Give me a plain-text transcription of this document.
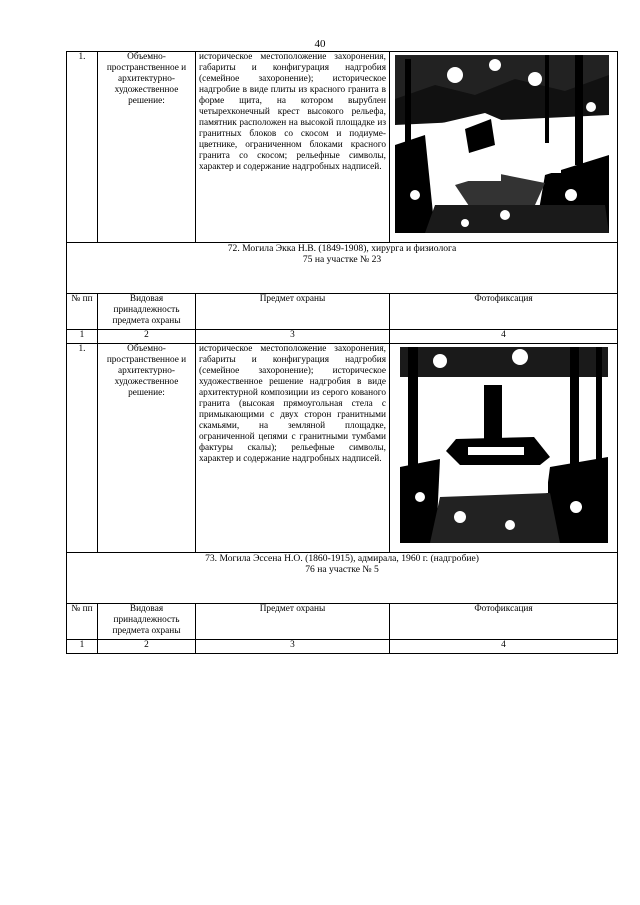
40
1.	Объемно-пространственное и архитектурно-художественное решение:	историческое местоположение захоронения, габариты и конфигурация надгробия (семейное захоронение); историческое надгробие в виде плиты из красного гранита в форме щита, на котором вырублен четырехконечный крест высокого рельефа, памятник расположен на высокой площадке из гранитных блоков со скосом и подиуме-цветнике, ограниченном блоками красного гранита со скосом; рельефные символы, характер и содержание надгробных надписей.	

72. Могила Экка Н.В. (1849-1908), хирурга и физиолога
75 на участке № 23			

№ пп	Видовая принадлежность предмета охраны	Предмет охраны	Фотофиксация
1	2	3	4
1.	Объемно-пространственное и архитектурно-художественное решение:	историческое местоположение захоронения, габариты и конфигурация надгробия (семейное захоронение); историческое художественное решение надгробия в виде архитектурной композиции из серого кованого гранита (высокая прямоугольная стела с примыкающими с двух сторон гранитными скамьями, на земляной площадке, ограниченной цепями с гранитными тумбами фактуры скалы); рельефные символы, характер и содержание надгробных надписей.	

73. Могила Эссена Н.О. (1860-1915), адмирала, 1960 г. (надгробие)
76 на участке № 5			

№ пп	Видовая принадлежность предмета охраны	Предмет охраны	Фотофиксация
1	2	3	4
